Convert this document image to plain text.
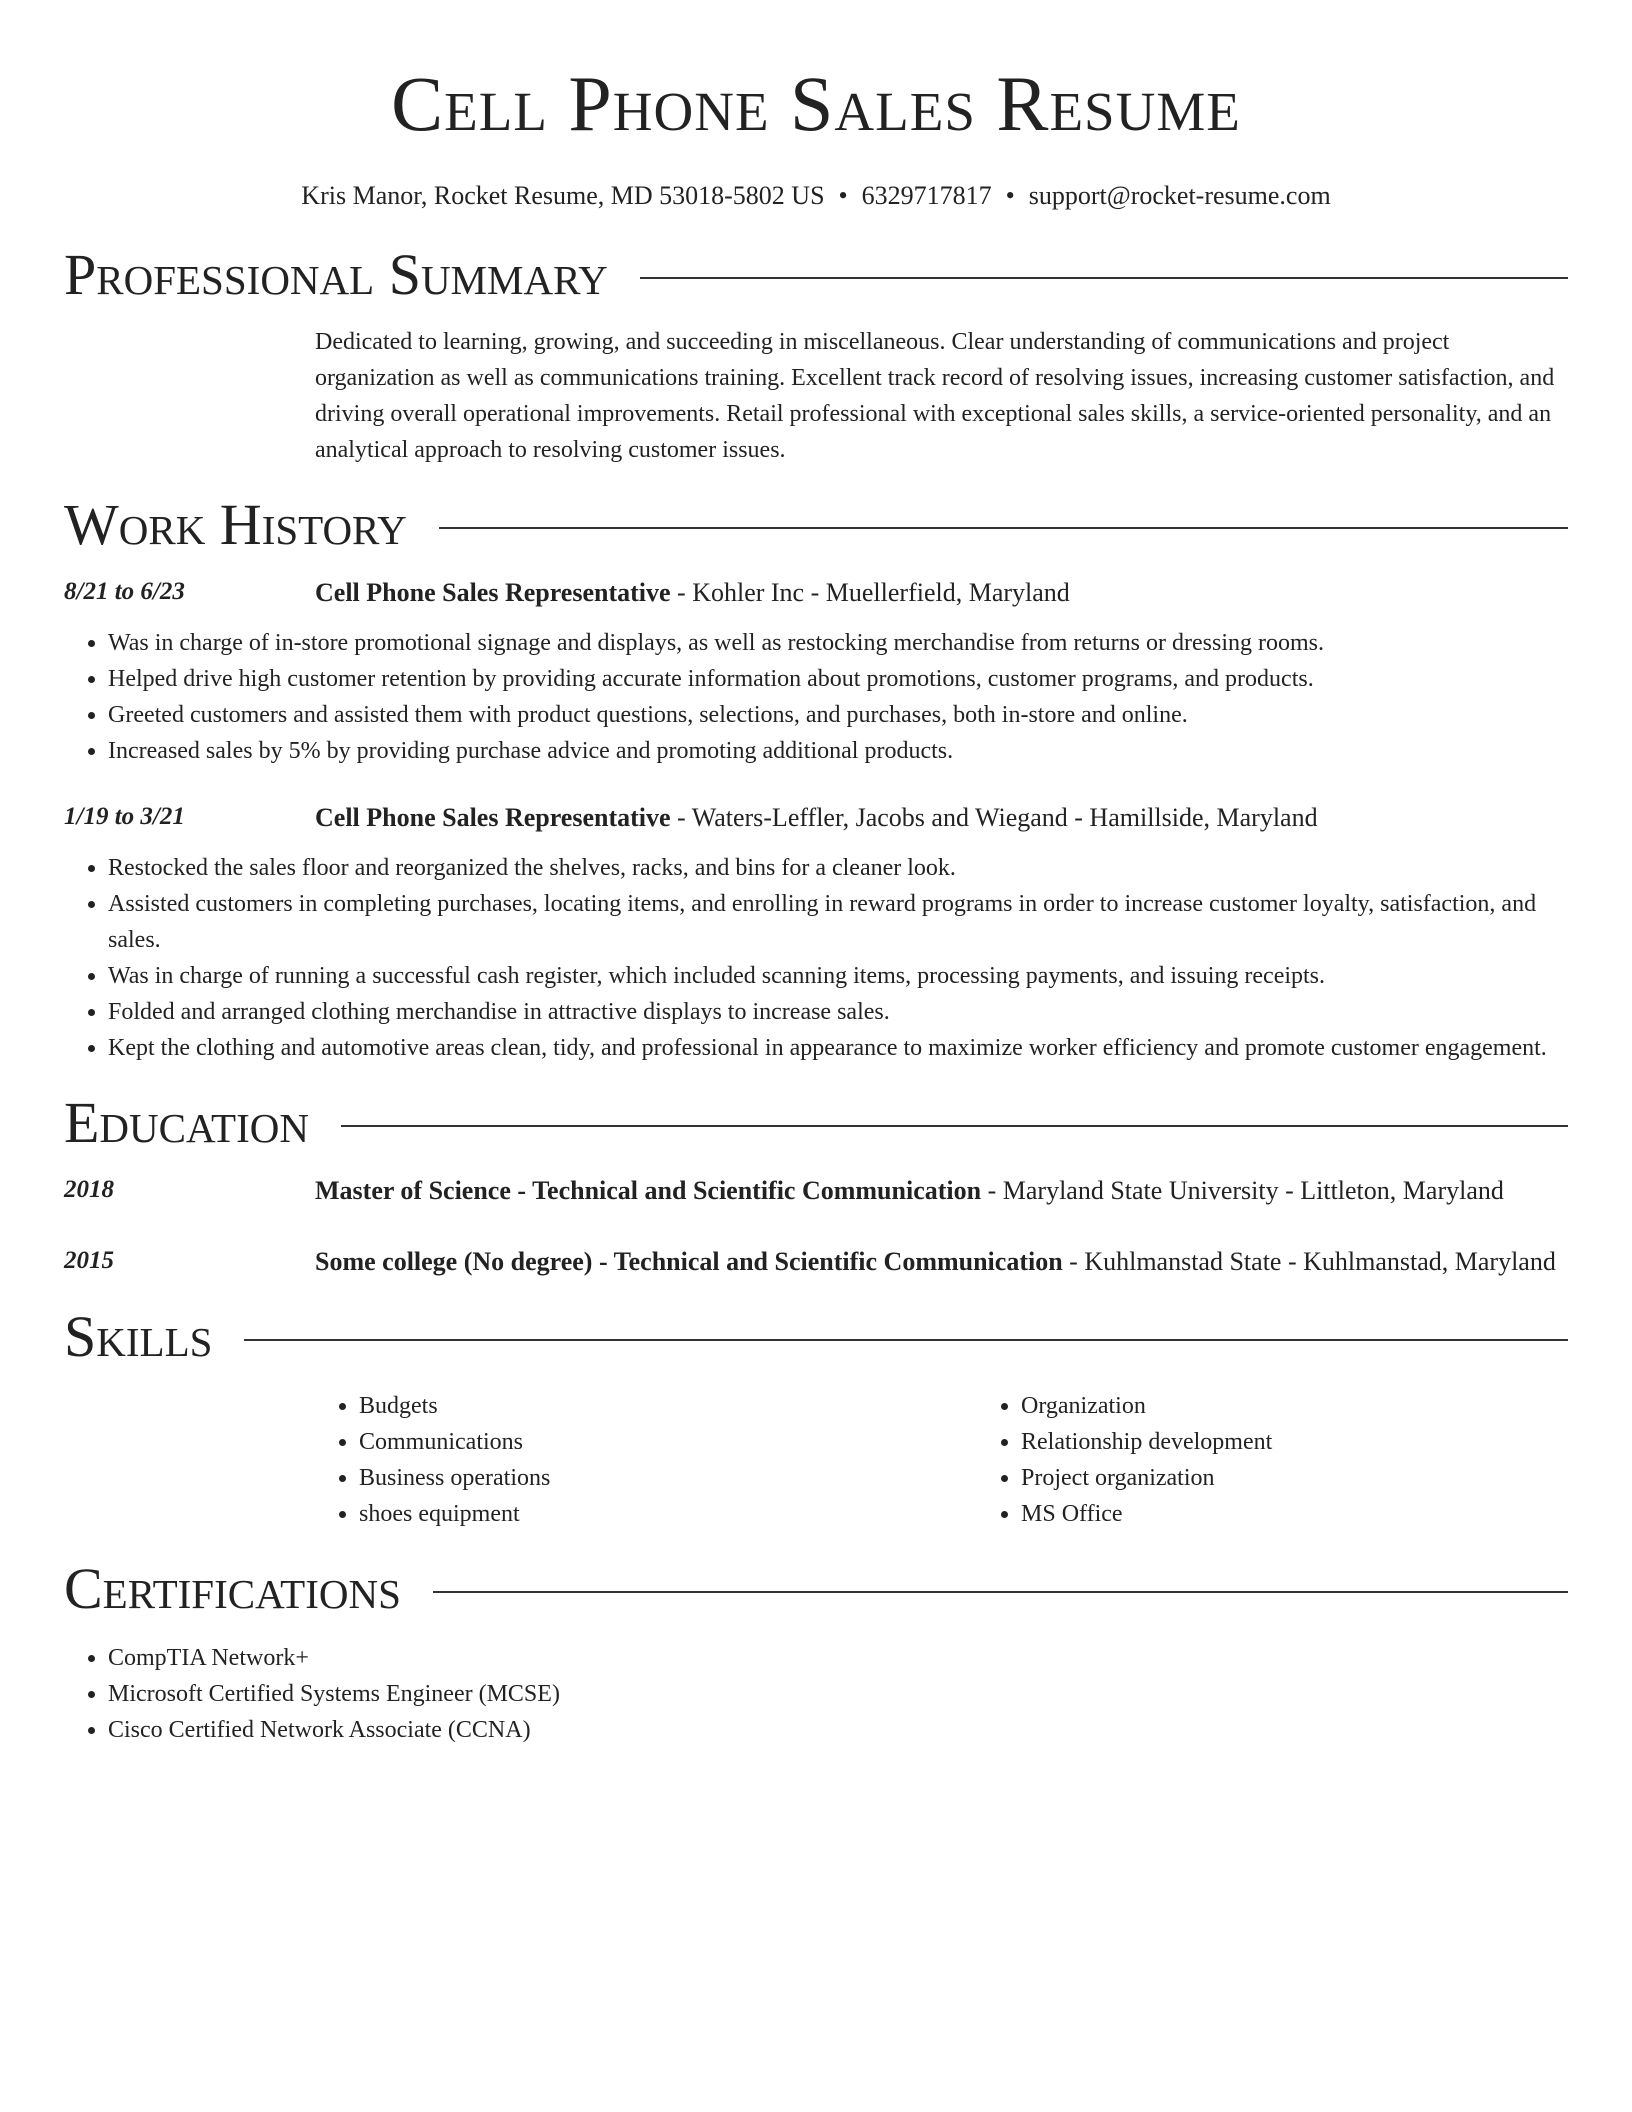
Cell Phone Sales Resume
Kris Manor, Rocket Resume, MD 53018-5802 US • 6329717817 • support@rocket-resume.com
Professional Summary
Dedicated to learning, growing, and succeeding in miscellaneous. Clear understanding of communications and project organization as well as communications training. Excellent track record of resolving issues, increasing customer satisfaction, and driving overall operational improvements. Retail professional with exceptional sales skills, a service-oriented personality, and an analytical approach to resolving customer issues.
Work History
8/21 to 6/23	Cell Phone Sales Representative - Kohler Inc - Muellerfield, Maryland
• Was in charge of in-store promotional signage and displays, as well as restocking merchandise from returns or dressing rooms.
• Helped drive high customer retention by providing accurate information about promotions, customer programs, and products.
• Greeted customers and assisted them with product questions, selections, and purchases, both in-store and online.
• Increased sales by 5% by providing purchase advice and promoting additional products.
1/19 to 3/21	Cell Phone Sales Representative - Waters-Leffler, Jacobs and Wiegand - Hamillside, Maryland
• Restocked the sales floor and reorganized the shelves, racks, and bins for a cleaner look.
• Assisted customers in completing purchases, locating items, and enrolling in reward programs in order to increase customer loyalty, satisfaction, and sales.
• Was in charge of running a successful cash register, which included scanning items, processing payments, and issuing receipts.
• Folded and arranged clothing merchandise in attractive displays to increase sales.
• Kept the clothing and automotive areas clean, tidy, and professional in appearance to maximize worker efficiency and promote customer engagement.
Education
2018	Master of Science - Technical and Scientific Communication - Maryland State University - Littleton, Maryland
2015	Some college (No degree) - Technical and Scientific Communication - Kuhlmanstad State - Kuhlmanstad, Maryland
Skills
• Budgets
• Communications
• Business operations
• shoes equipment
• Organization
• Relationship development
• Project organization
• MS Office
Certifications
• CompTIA Network+
• Microsoft Certified Systems Engineer (MCSE)
• Cisco Certified Network Associate (CCNA)
